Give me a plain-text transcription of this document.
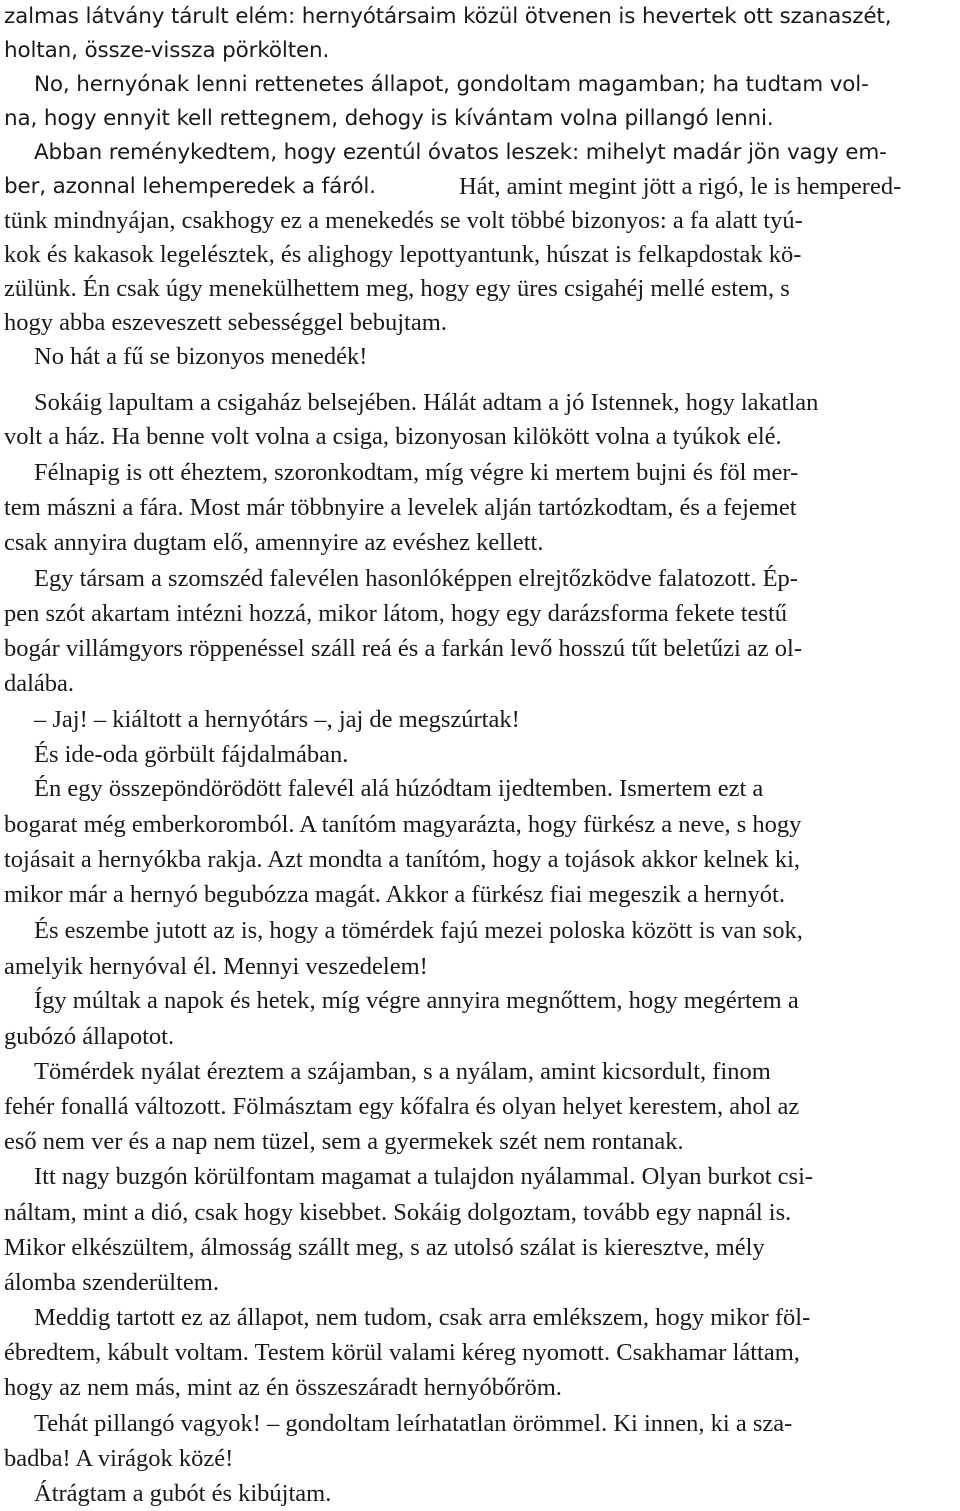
zalmas látvány tárult elém: hernyótársaim közül ötvenen is hevertek ott szanaszét,
holtan, össze-vissza pörkölten.
No, hernyónak lenni rettenetes állapot, gondoltam magamban; ha tudtam vol-
na, hogy ennyit kell rettegnem, dehogy is kívántam volna pillangó lenni.
Abban reménykedtem, hogy ezentúl óvatos leszek: mihelyt madár jön vagy em-
ber, azonnal lehemperedek a fáról.	Hát, amint megint jött a rigó, le is hempered-
tünk mindnyájan, csakhogy ez a menekedés se volt többé bizonyos: a fa alatt tyú-
kok és kakasok legelésztek, és alighogy lepottyantunk, húszat is felkapdostak kö-
zülünk. Én csak úgy menekülhettem meg, hogy egy üres csigahéj mellé estem, s
hogy abba eszeveszett sebességgel bebujtam.
No hát a fű se bizonyos menedék!
Sokáig lapultam a csigaház belsejében. Hálát adtam a jó Istennek, hogy lakatlan
volt a ház. Ha benne volt volna a csiga, bizonyosan kilökött volna a tyúkok elé.
Félnapig is ott éheztem, szoronkodtam, míg végre ki mertem bujni és föl mer-
tem mászni a fára. Most már többnyire a levelek alján tartózkodtam, és a fejemet
csak annyira dugtam elő, amennyire az evéshez kellett.
Egy társam a szomszéd falevélen hasonlóképpen elrejtőzködve falatozott. Ép-
pen szót akartam intézni hozzá, mikor látom, hogy egy darázsforma fekete testű
bogár villámgyors röppenéssel száll reá és a farkán levő hosszú tűt beletűzi az ol-
dalába.
– Jaj! – kiáltott a hernyótárs –, jaj de megszúrtak!
És ide-oda görbült fájdalmában.
Én egy összepöndörödött falevél alá húzódtam ijedtemben. Ismertem ezt a
bogarat még emberkoromból. A tanítóm magyarázta, hogy fürkész a neve, s hogy
tojásait a hernyókba rakja. Azt mondta a tanítóm, hogy a tojások akkor kelnek ki,
mikor már a hernyó begubózza magát. Akkor a fürkész fiai megeszik a hernyót.
És eszembe jutott az is, hogy a tömérdek fajú mezei poloska között is van sok,
amelyik hernyóval él. Mennyi veszedelem!
Így múltak a napok és hetek, míg végre annyira megnőttem, hogy megértem a
gubózó állapotot.
Tömérdek nyálat éreztem a szájamban, s a nyálam, amint kicsordult, finom
fehér fonallá változott. Fölmásztam egy kőfalra és olyan helyet kerestem, ahol az
eső nem ver és a nap nem tüzel, sem a gyermekek szét nem rontanak.
Itt nagy buzgón körülfontam magamat a tulajdon nyálammal. Olyan burkot csi-
náltam, mint a dió, csak hogy kisebbet. Sokáig dolgoztam, tovább egy napnál is.
Mikor elkészültem, álmosság szállt meg, s az utolsó szálat is kieresztve, mély
álomba szenderültem.
Meddig tartott ez az állapot, nem tudom, csak arra emlékszem, hogy mikor föl-
ébredtem, kábult voltam. Testem körül valami kéreg nyomott. Csakhamar láttam,
hogy az nem más, mint az én összeszáradt hernyóbőröm.
Tehát pillangó vagyok! – gondoltam leírhatatlan örömmel. Ki innen, ki a sza-
badba! A virágok közé!
Átrágtam a gubót és kibújtam.
